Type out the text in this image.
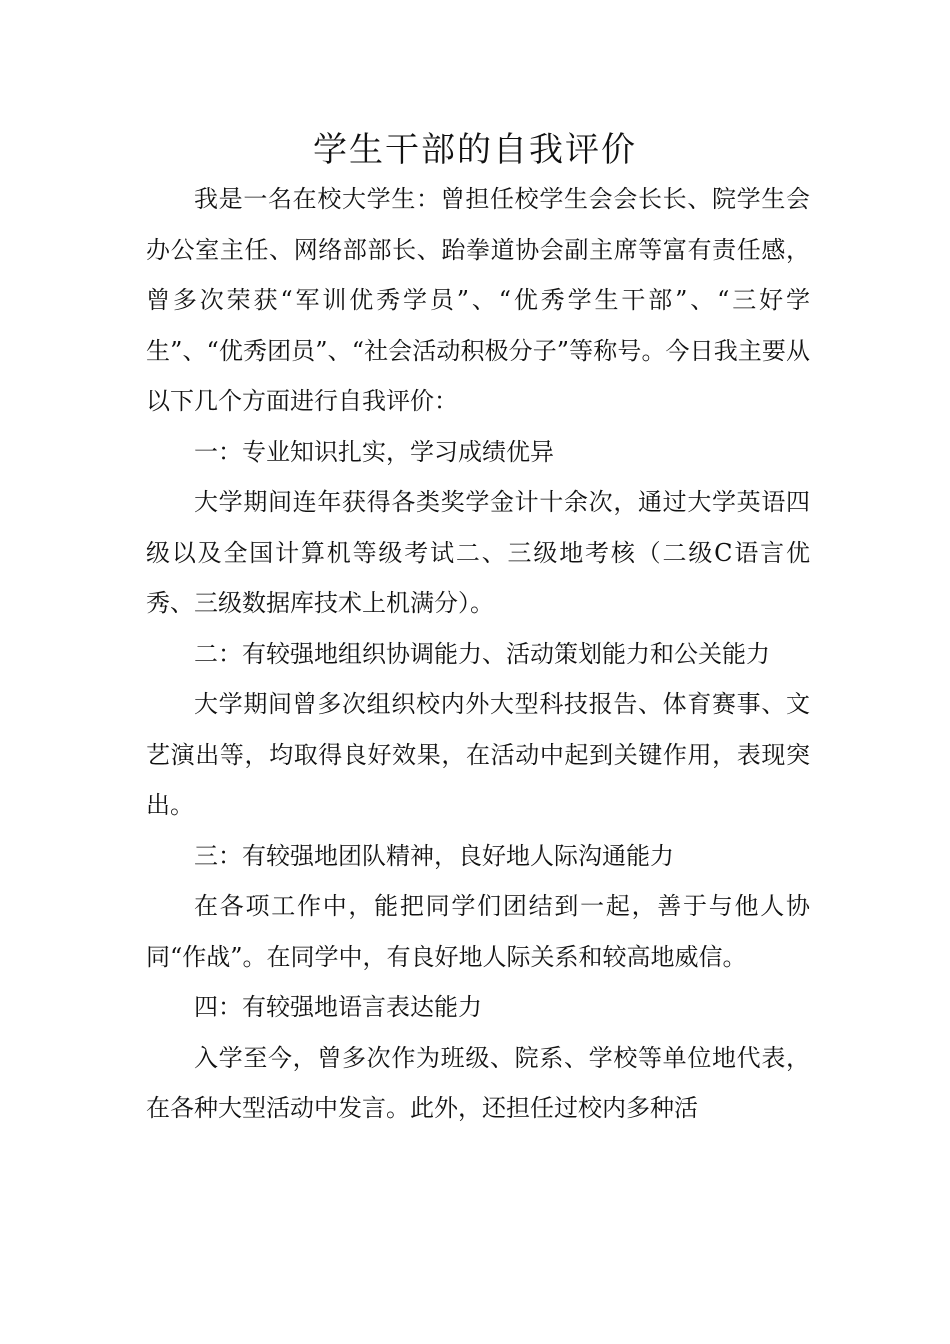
学生干部的自我评价

我是一名在校大学生：曾担任校学生会会长长、院学生会办公室主任、网络部部长、跆拳道协会副主席等富有责任感，曾多次荣获“军训优秀学员”、“优秀学生干部”、“三好学生”、“优秀团员”、“社会活动积极分子”等称号。今日我主要从以下几个方面进行自我评价：

一：专业知识扎实，学习成绩优异

大学期间连年获得各类奖学金计十余次，通过大学英语四级以及全国计算机等级考试二、三级地考核（二级C语言优秀、三级数据库技术上机满分）。

二：有较强地组织协调能力、活动策划能力和公关能力

大学期间曾多次组织校内外大型科技报告、体育赛事、文艺演出等，均取得良好效果，在活动中起到关键作用，表现突出。

三：有较强地团队精神，良好地人际沟通能力

在各项工作中，能把同学们团结到一起，善于与他人协同“作战”。在同学中，有良好地人际关系和较高地威信。

四：有较强地语言表达能力

入学至今，曾多次作为班级、院系、学校等单位地代表，在各种大型活动中发言。此外，还担任过校内多种活
